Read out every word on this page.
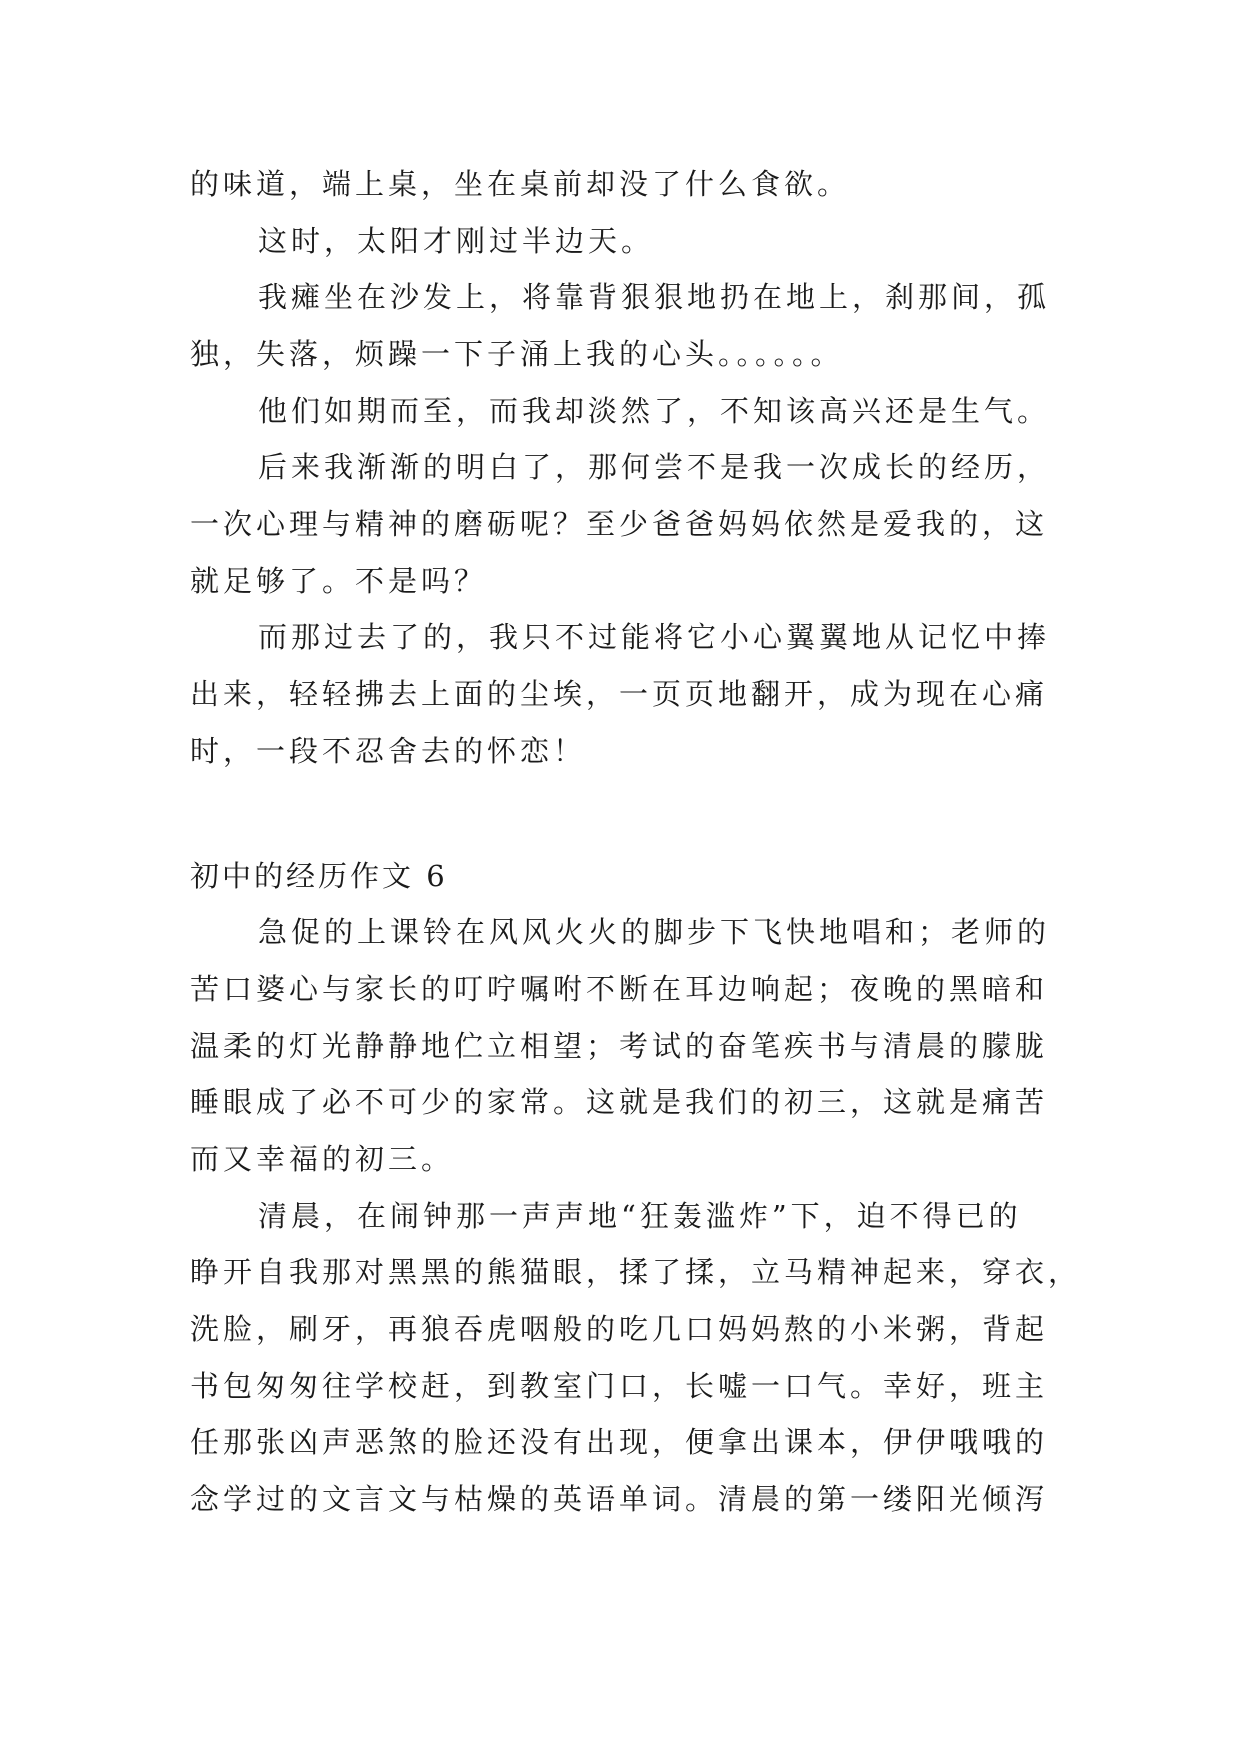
的味道，端上桌，坐在桌前却没了什么食欲。
这时，太阳才刚过半边天。
我瘫坐在沙发上，将靠背狠狠地扔在地上，刹那间，孤
独，失落，烦躁一下子涌上我的心头。。。。。。
他们如期而至，而我却淡然了，不知该高兴还是生气。
后来我渐渐的明白了，那何尝不是我一次成长的经历，
一次心理与精神的磨砺呢？至少爸爸妈妈依然是爱我的，这
就足够了。不是吗？
而那过去了的，我只不过能将它小心翼翼地从记忆中捧
出来，轻轻拂去上面的尘埃，一页页地翻开，成为现在心痛
时，一段不忍舍去的怀恋！
初中的经历作文 6
急促的上课铃在风风火火的脚步下飞快地唱和；老师的
苦口婆心与家长的叮咛嘱咐不断在耳边响起；夜晚的黑暗和
温柔的灯光静静地伫立相望；考试的奋笔疾书与清晨的朦胧
睡眼成了必不可少的家常。这就是我们的初三，这就是痛苦
而又幸福的初三。
清晨，在闹钟那一声声地“狂轰滥炸”下，迫不得已的
睁开自我那对黑黑的熊猫眼，揉了揉，立马精神起来，穿衣，
洗脸，刷牙，再狼吞虎咽般的吃几口妈妈熬的小米粥，背起
书包匆匆往学校赶，到教室门口，长嘘一口气。幸好，班主
任那张凶声恶煞的脸还没有出现，便拿出课本，伊伊哦哦的
念学过的文言文与枯燥的英语单词。清晨的第一缕阳光倾泻
